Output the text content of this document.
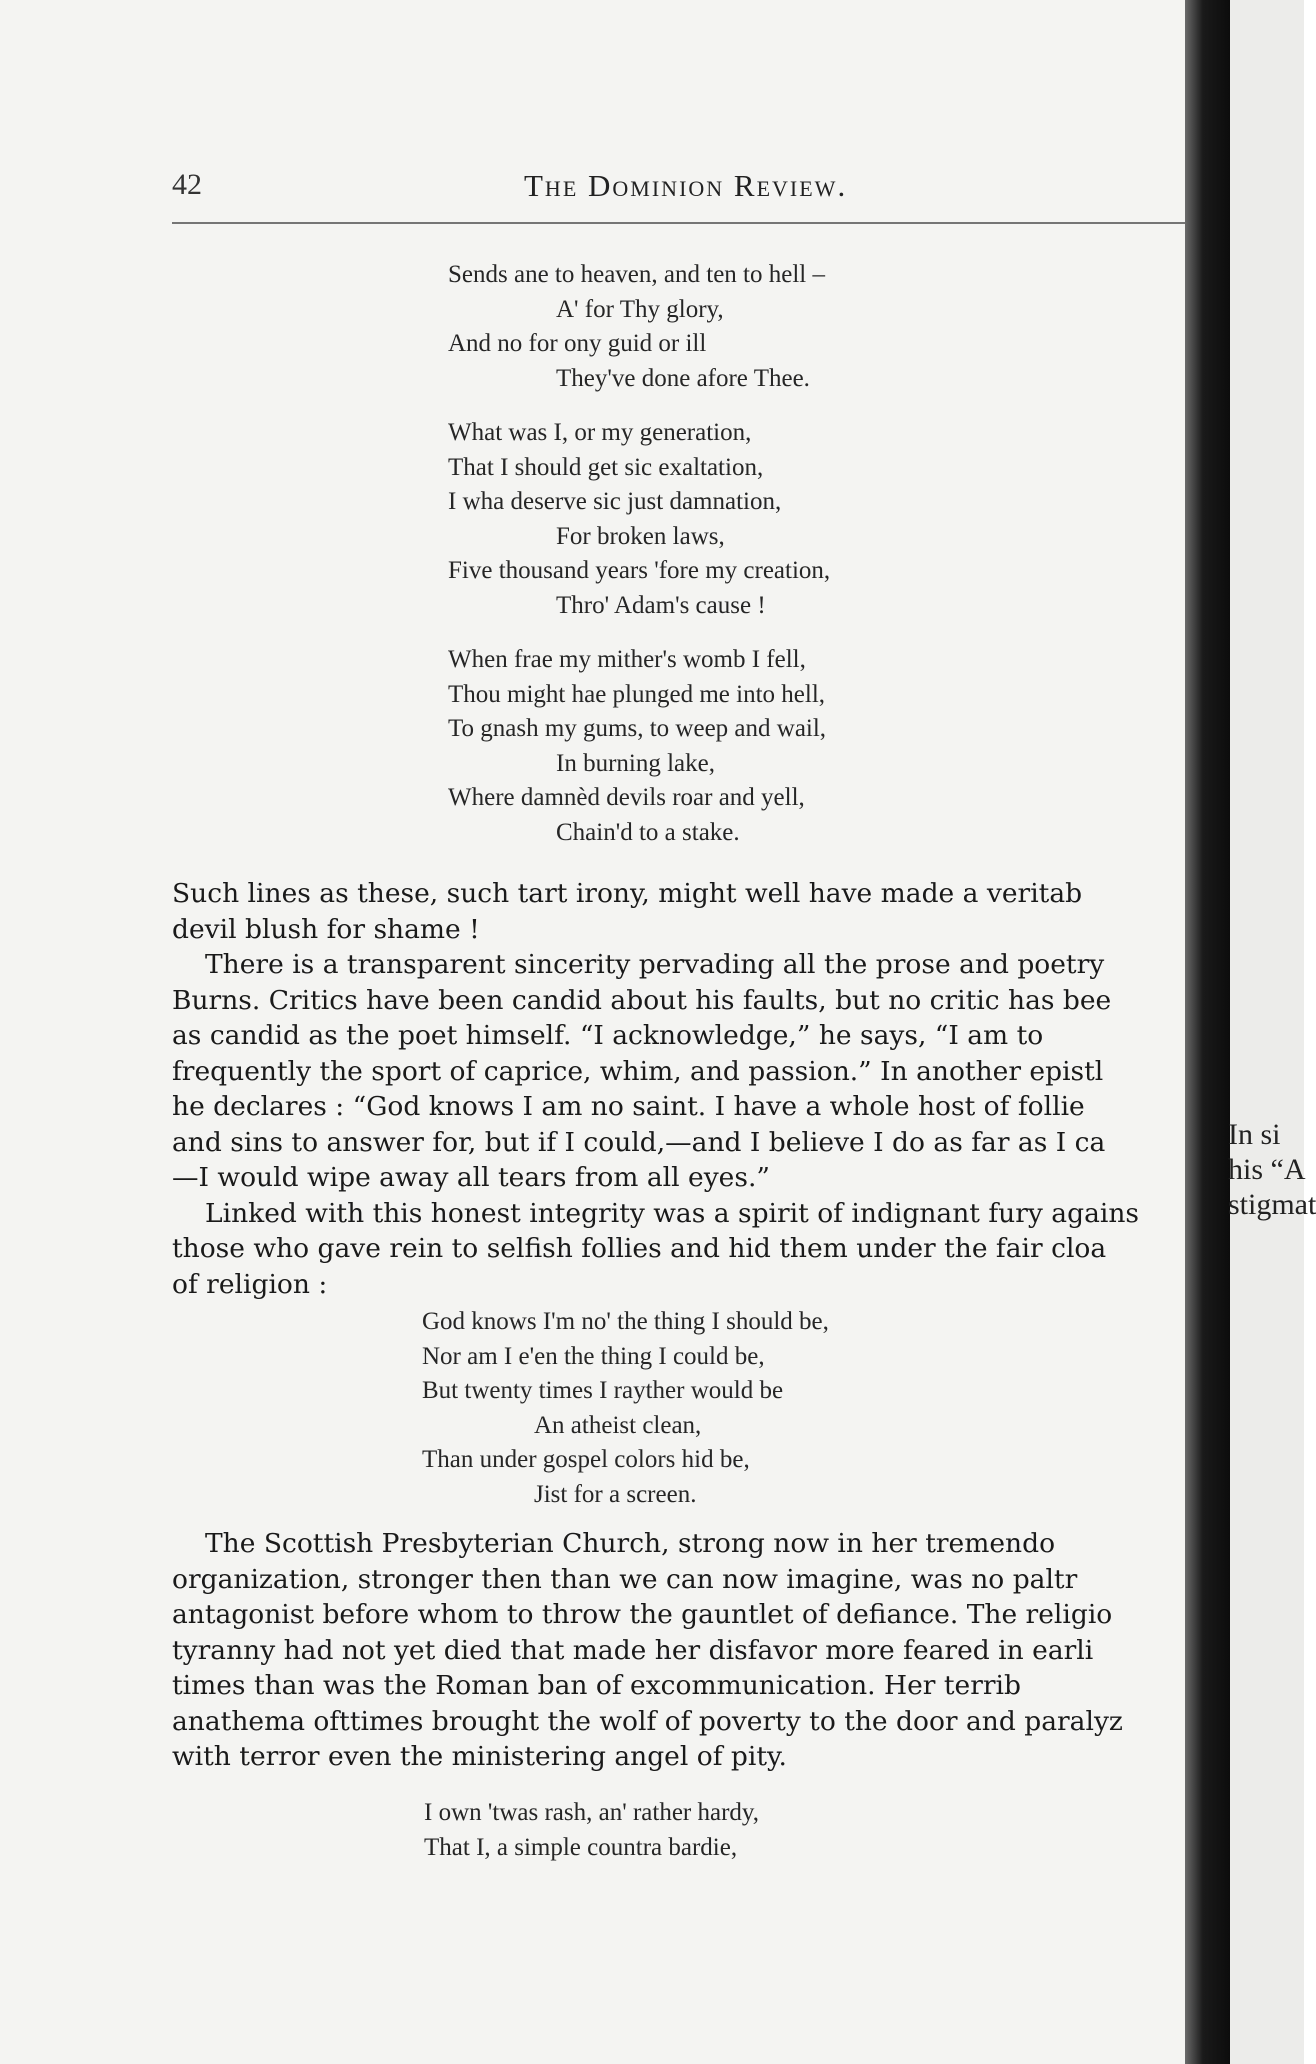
42	The Dominion Review.
Sends ane to heaven, and ten to hell –
A' for Thy glory,
And no for ony guid or ill
They've done afore Thee.
What was I, or my generation,
That I should get sic exaltation,
I wha deserve sic just damnation,
For broken laws,
Five thousand years 'fore my creation,
Thro' Adam's cause !
When frae my mither's womb I fell,
Thou might hae plunged me into hell,
To gnash my gums, to weep and wail,
In burning lake,
Where damnèd devils roar and yell,
Chain'd to a stake.

Such lines as these, such tart irony, might well have made a veritab

devil blush for shame !

There is a transparent sincerity pervading all the prose and poetry

Burns. Critics have been candid about his faults, but no critic has bee

as candid as the poet himself. “I acknowledge,” he says, “I am to

frequently the sport of caprice, whim, and passion.” In another epistl

he declares : “God knows I am no saint. I have a whole host of follie

and sins to answer for, but if I could,—and I believe I do as far as I ca

—I would wipe away all tears from all eyes.”

Linked with this honest integrity was a spirit of indignant fury agains

those who gave rein to selfish follies and hid them under the fair cloa

of religion :

God knows I'm no' the thing I should be,
Nor am I e'en the thing I could be,
But twenty times I rayther would be
An atheist clean,
Than under gospel colors hid be,
Jist for a screen.

The Scottish Presbyterian Church, strong now in her tremendo

organization, stronger then than we can now imagine, was no paltr

antagonist before whom to throw the gauntlet of defiance. The religio

tyranny had not yet died that made her disfavor more feared in earli

times than was the Roman ban of excommunication. Her terrib

anathema ofttimes brought the wolf of poverty to the door and paralyz

with terror even the ministering angel of pity.

I own 'twas rash, an' rather hardy,
That I, a simple countra bardie,
In si
his “A
stigmat
